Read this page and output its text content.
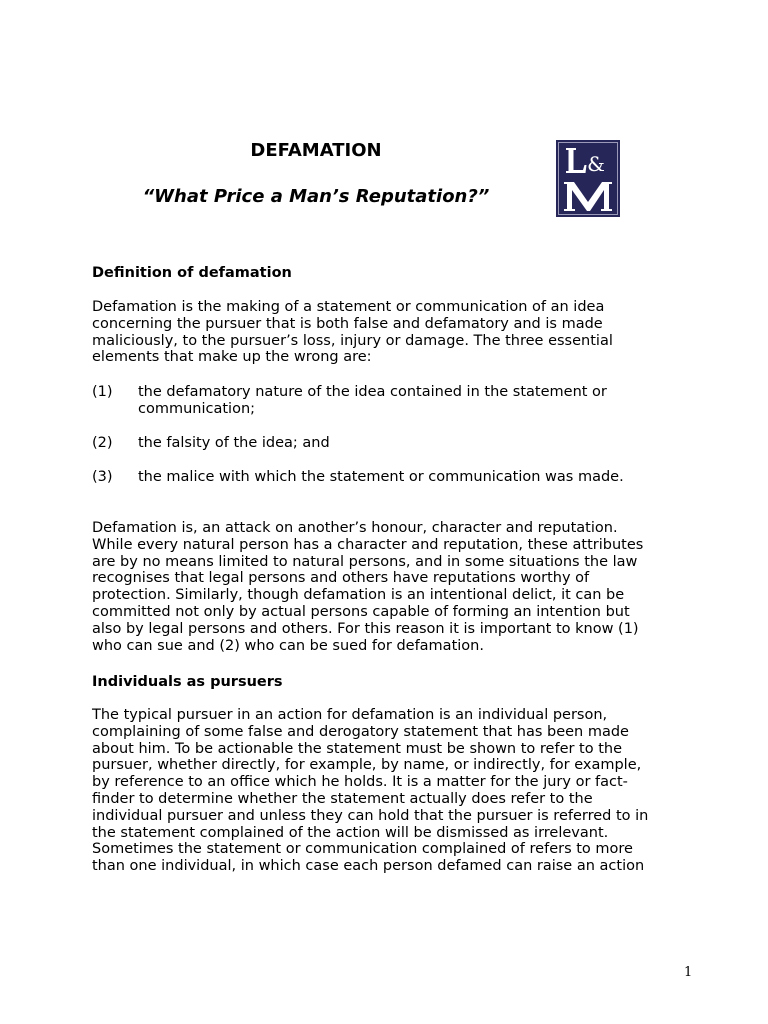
DEFAMATION
“What Price a Man’s Reputation?”
&
Definition of defamation
Defamation is the making of a statement or communication of an idea
concerning the pursuer that is both false and defamatory and is made
maliciously, to the pursuer’s loss, injury or damage. The three essential
elements that make up the wrong are:
(1) the defamatory nature of the idea contained in the statement or
communication;
(2) the falsity of the idea; and
(3) the malice with which the statement or communication was made.
Defamation is, an attack on another’s honour, character and reputation.
While every natural person has a character and reputation, these attributes
are by no means limited to natural persons, and in some situations the law
recognises that legal persons and others have reputations worthy of
protection. Similarly, though defamation is an intentional delict, it can be
committed not only by actual persons capable of forming an intention but
also by legal persons and others. For this reason it is important to know (1)
who can sue and (2) who can be sued for defamation.
Individuals as pursuers
The typical pursuer in an action for defamation is an individual person,
complaining of some false and derogatory statement that has been made
about him. To be actionable the statement must be shown to refer to the
pursuer, whether directly, for example, by name, or indirectly, for example,
by reference to an office which he holds. It is a matter for the jury or fact-
finder to determine whether the statement actually does refer to the
individual pursuer and unless they can hold that the pursuer is referred to in
the statement complained of the action will be dismissed as irrelevant.
Sometimes the statement or communication complained of refers to more
than one individual, in which case each person defamed can raise an action
1
